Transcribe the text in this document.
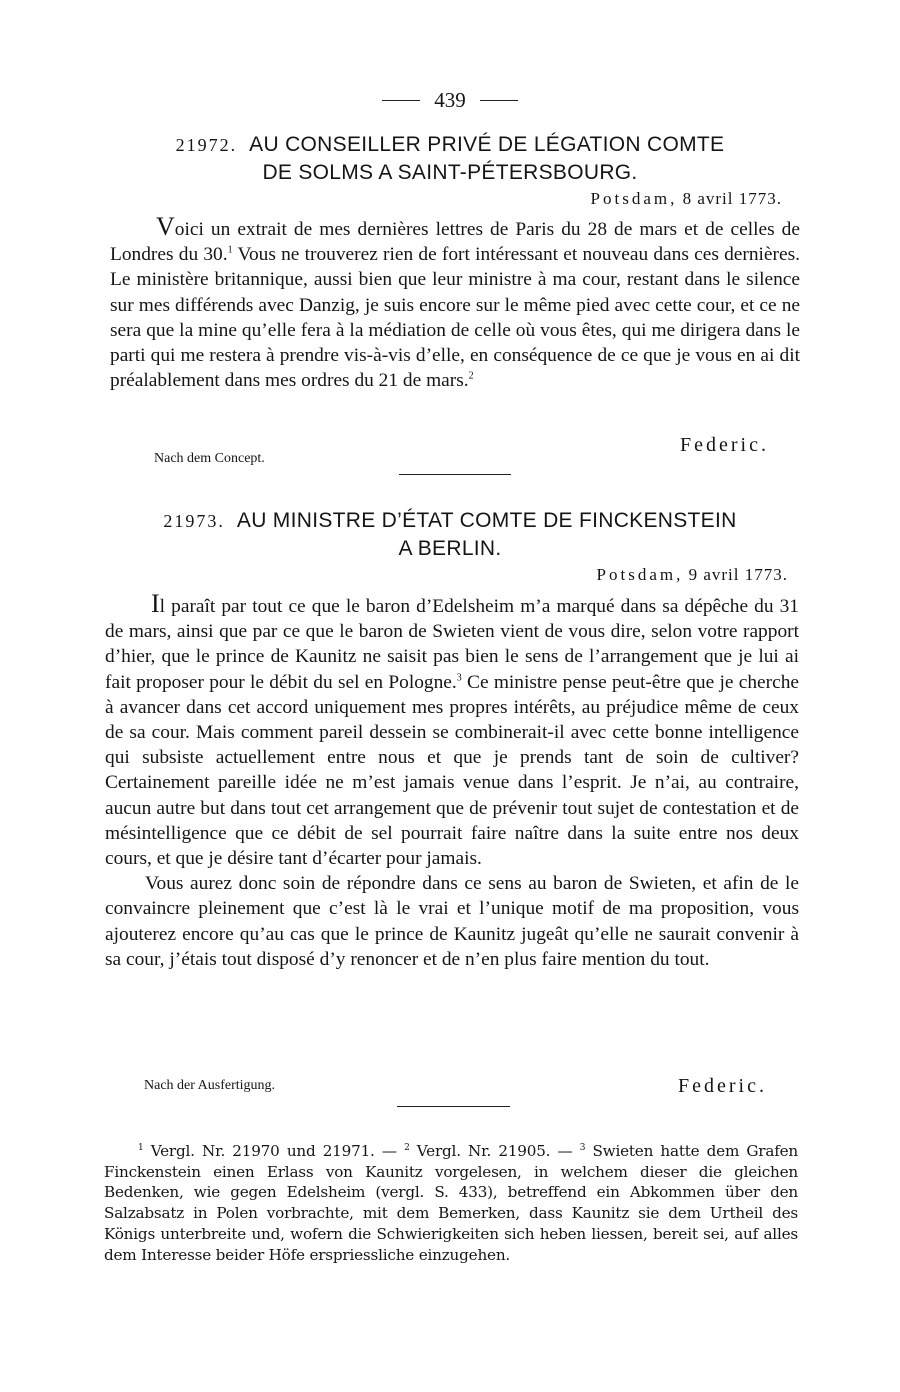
439
21972. AU CONSEILLER PRIVÉ DE LÉGATION COMTE
DE SOLMS A SAINT-PÉTERSBOURG.
Potsdam, 8 avril 1773.

Voici un extrait de mes dernières lettres de Paris du 28 de mars et de celles de Londres du 30.$^1$ Vous ne trouverez rien de fort intéressant et nouveau dans ces dernières. Le ministère britannique, aussi bien que leur ministre à ma cour, restant dans le silence sur mes différends avec Danzig, je suis encore sur le même pied avec cette cour, et ce ne sera que la mine qu’elle fera à la médiation de celle où vous êtes, qui me dirigera dans le parti qui me restera à prendre vis-à-vis d’elle, en conséquence de ce que je vous en ai dit préalablement dans mes ordres du 21 de mars.$^2$

Nach dem Concept.
Federic.
21973. AU MINISTRE D’ÉTAT COMTE DE FINCKENSTEIN
A BERLIN.
Potsdam, 9 avril 1773.

Il paraît par tout ce que le baron d’Edelsheim m’a marqué dans sa dépêche du 31 de mars, ainsi que par ce que le baron de Swieten vient de vous dire, selon votre rapport d’hier, que le prince de Kaunitz ne saisit pas bien le sens de l’arrangement que je lui ai fait proposer pour le débit du sel en Pologne.$^3$ Ce ministre pense peut-être que je cherche à avancer dans cet accord uniquement mes propres intérêts, au préjudice même de ceux de sa cour. Mais comment pareil dessein se combinerait-il avec cette bonne intelligence qui subsiste actuellement entre nous et que je prends tant de soin de cultiver? Certainement pareille idée ne m’est jamais venue dans l’esprit. Je n’ai, au contraire, aucun autre but dans tout cet arrangement que de prévenir tout sujet de contestation et de mésintelligence que ce débit de sel pourrait faire naître dans la suite entre nos deux cours, et que je désire tant d’écarter pour jamais.

Vous aurez donc soin de répondre dans ce sens au baron de Swieten, et afin de le convaincre pleinement que c’est là le vrai et l’unique motif de ma proposition, vous ajouterez encore qu’au cas que le prince de Kaunitz jugeât qu’elle ne saurait convenir à sa cour, j’étais tout disposé d’y renoncer et de n’en plus faire mention du tout.

Nach der Ausfertigung.	Federic.

$^1$ Vergl. Nr. 21970 und 21971. — $^2$ Vergl. Nr. 21905. — $^3$ Swieten hatte dem Grafen Finckenstein einen Erlass von Kaunitz vorgelesen, in welchem dieser die gleichen Bedenken, wie gegen Edelsheim (vergl. S. 433), betreffend ein Abkommen über den Salzabsatz in Polen vorbrachte, mit dem Bemerken, dass Kaunitz sie dem Urtheil des Königs unterbreite und, wofern die Schwierigkeiten sich heben liessen, bereit sei, auf alles dem Interesse beider Höfe erspriessliche einzugehen.
